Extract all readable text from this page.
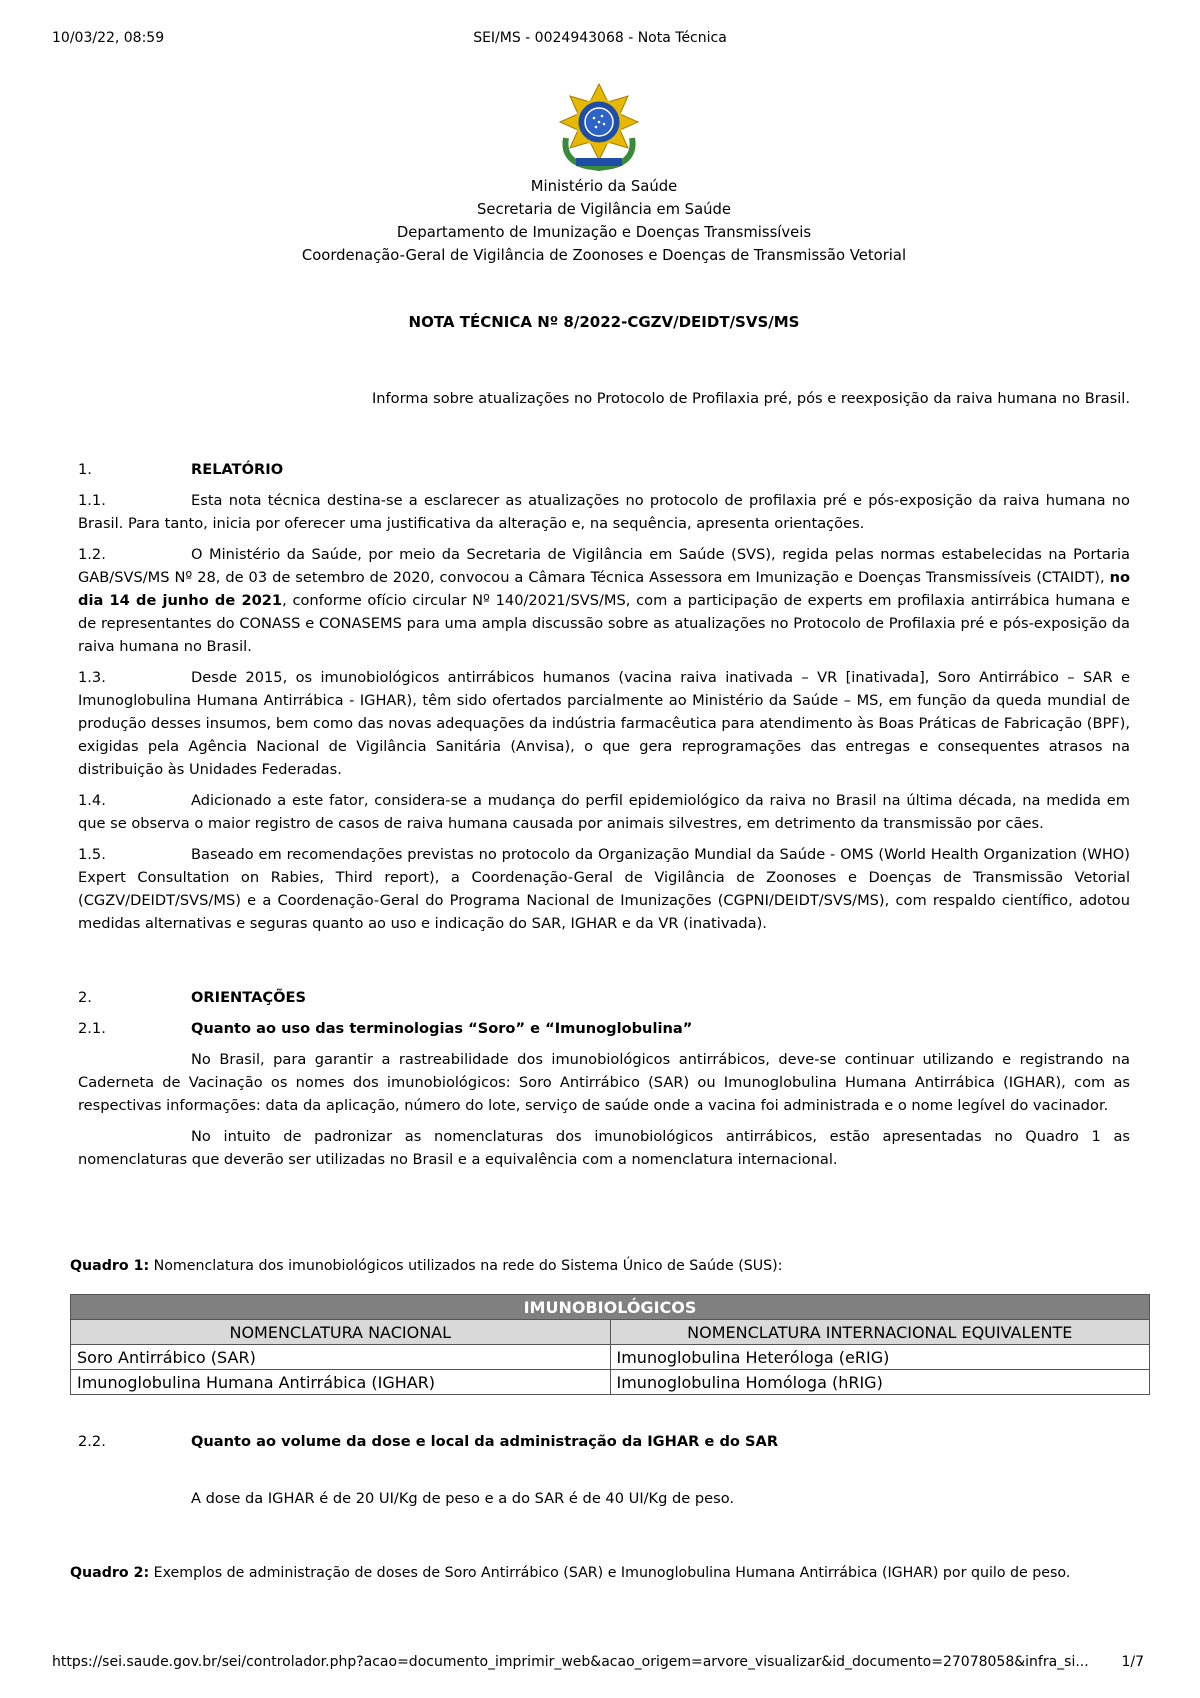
10/03/22, 08:59	SEI/MS - 0024943068 - Nota Técnica
Ministério da Saúde
Secretaria de Vigilância em Saúde
Departamento de Imunização e Doenças Transmissíveis
Coordenação-Geral de Vigilância de Zoonoses e Doenças de Transmissão Vetorial
NOTA TÉCNICA Nº 8/2022-CGZV/DEIDT/SVS/MS
Informa sobre atualizações no Protocolo de Profilaxia pré, pós e reexposição da raiva humana no Brasil.
1.	RELATÓRIO

1.1.	Esta nota técnica destina-se a esclarecer as atualizações no protocolo de profilaxia pré e pós-exposição da raiva humana no Brasil. Para tanto, inicia por oferecer uma justificativa da alteração e, na sequência, apresenta orientações.

1.2.	O Ministério da Saúde, por meio da Secretaria de Vigilância em Saúde (SVS), regida pelas normas estabelecidas na Portaria GAB/SVS/MS Nº 28, de 03 de setembro de 2020, convocou a Câmara Técnica Assessora em Imunização e Doenças Transmissíveis (CTAIDT), no dia 14 de junho de 2021, conforme ofício circular Nº 140/2021/SVS/MS, com a participação de experts em profilaxia antirrábica humana e de representantes do CONASS e CONASEMS para uma ampla discussão sobre as atualizações no Protocolo de Profilaxia pré e pós-exposição da raiva humana no Brasil.

1.3.	Desde 2015, os imunobiológicos antirrábicos humanos (vacina raiva inativada – VR [inativada], Soro Antirrábico – SAR e Imunoglobulina Humana Antirrábica - IGHAR), têm sido ofertados parcialmente ao Ministério da Saúde – MS, em função da queda mundial de produção desses insumos, bem como das novas adequações da indústria farmacêutica para atendimento às Boas Práticas de Fabricação (BPF), exigidas pela Agência Nacional de Vigilância Sanitária (Anvisa), o que gera reprogramações das entregas e consequentes atrasos na distribuição às Unidades Federadas.

1.4.	Adicionado a este fator, considera-se a mudança do perfil epidemiológico da raiva no Brasil na última década, na medida em que se observa o maior registro de casos de raiva humana causada por animais silvestres, em detrimento da transmissão por cães.

1.5.	Baseado em recomendações previstas no protocolo da Organização Mundial da Saúde - OMS (World Health Organization (WHO) Expert Consultation on Rabies, Third report), a Coordenação-Geral de Vigilância de Zoonoses e Doenças de Transmissão Vetorial (CGZV/DEIDT/SVS/MS) e a Coordenação-Geral do Programa Nacional de Imunizações (CGPNI/DEIDT/SVS/MS), com respaldo científico, adotou medidas alternativas e seguras quanto ao uso e indicação do SAR, IGHAR e da VR (inativada).

2.	ORIENTAÇÕES
2.1.	Quanto ao uso das terminologias “Soro” e “Imunoglobulina”

No Brasil, para garantir a rastreabilidade dos imunobiológicos antirrábicos, deve-se continuar utilizando e registrando na Caderneta de Vacinação os nomes dos imunobiológicos: Soro Antirrábico (SAR) ou Imunoglobulina Humana Antirrábica (IGHAR), com as respectivas informações: data da aplicação, número do lote, serviço de saúde onde a vacina foi administrada e o nome legível do vacinador.

No intuito de padronizar as nomenclaturas dos imunobiológicos antirrábicos, estão apresentadas no Quadro 1 as nomenclaturas que deverão ser utilizadas no Brasil e a equivalência com a nomenclatura internacional.

Quadro 1: Nomenclatura dos imunobiológicos utilizados na rede do Sistema Único de Saúde (SUS):
IMUNOBIOLÓGICOS	
NOMENCLATURA NACIONAL	NOMENCLATURA INTERNACIONAL EQUIVALENTE
Soro Antirrábico (SAR)	Imunoglobulina Heteróloga (eRIG)
Imunoglobulina Humana Antirrábica (IGHAR)	Imunoglobulina Homóloga (hRIG)
2.2.	Quanto ao volume da dose e local da administração da IGHAR e do SAR

A dose da IGHAR é de 20 UI/Kg de peso e a do SAR é de 40 UI/Kg de peso.

Quadro 2: Exemplos de administração de doses de Soro Antirrábico (SAR) e Imunoglobulina Humana Antirrábica (IGHAR) por quilo de peso.
https://sei.saude.gov.br/sei/controlador.php?acao=documento_imprimir_web&acao_origem=arvore_visualizar&id_documento=27078058&infra_si... 1/7
